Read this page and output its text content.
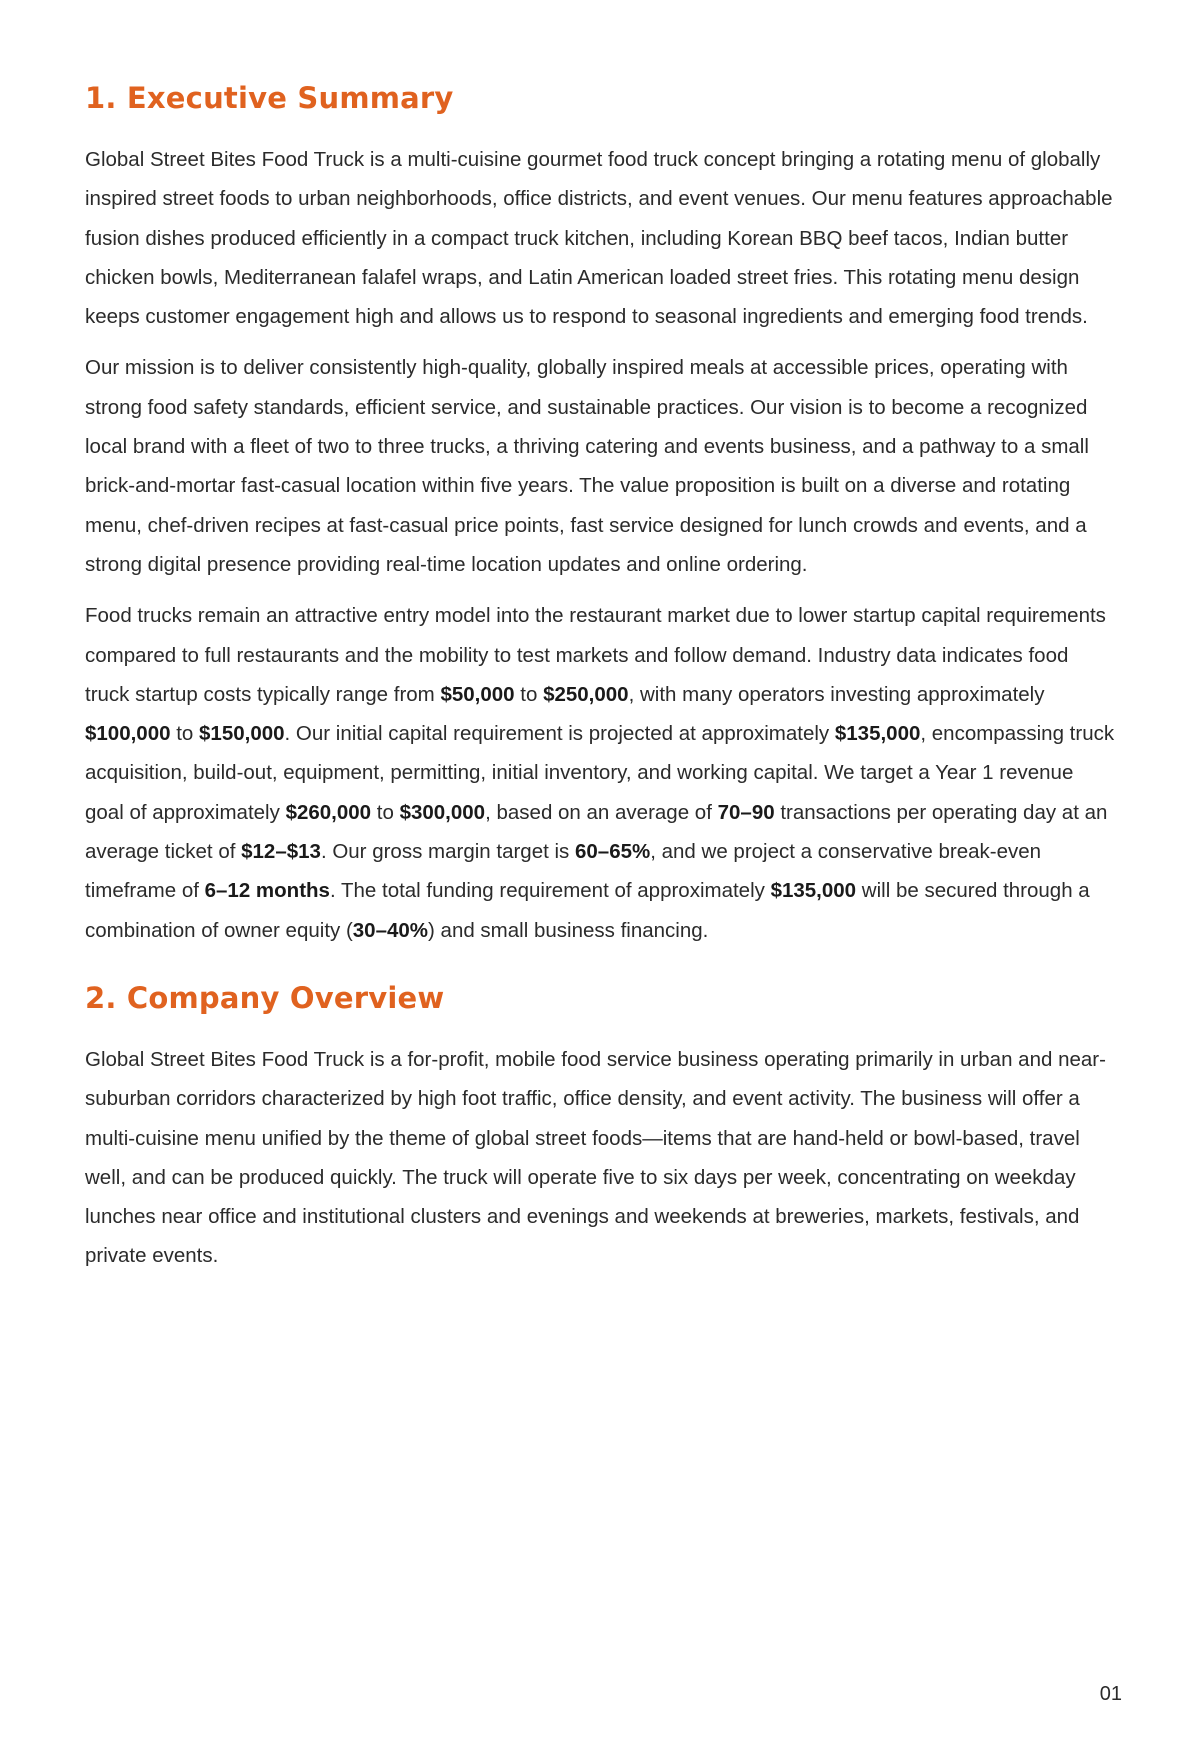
1. Executive Summary

Global Street Bites Food Truck is a multi-cuisine gourmet food truck concept bringing a rotating menu of globally inspired street foods to urban neighborhoods, office districts, and event venues. Our menu features approachable fusion dishes produced efficiently in a compact truck kitchen, including Korean BBQ beef tacos, Indian butter chicken bowls, Mediterranean falafel wraps, and Latin American loaded street fries. This rotating menu design keeps customer engagement high and allows us to respond to seasonal ingredients and emerging food trends.

Our mission is to deliver consistently high-quality, globally inspired meals at accessible prices, operating with strong food safety standards, efficient service, and sustainable practices. Our vision is to become a recognized local brand with a fleet of two to three trucks, a thriving catering and events business, and a pathway to a small brick-and-mortar fast-casual location within five years. The value proposition is built on a diverse and rotating menu, chef-driven recipes at fast-casual price points, fast service designed for lunch crowds and events, and a strong digital presence providing real-time location updates and online ordering.

Food trucks remain an attractive entry model into the restaurant market due to lower startup capital requirements compared to full restaurants and the mobility to test markets and follow demand. Industry data indicates food truck startup costs typically range from $50,000 to $250,000, with many operators investing approximately $100,000 to $150,000. Our initial capital requirement is projected at approximately $135,000, encompassing truck acquisition, build-out, equipment, permitting, initial inventory, and working capital. We target a Year 1 revenue goal of approximately $260,000 to $300,000, based on an average of 70–90 transactions per operating day at an average ticket of $12–$13. Our gross margin target is 60–65%, and we project a conservative break-even timeframe of 6–12 months. The total funding requirement of approximately $135,000 will be secured through a combination of owner equity (30–40%) and small business financing.

2. Company Overview

Global Street Bites Food Truck is a for-profit, mobile food service business operating primarily in urban and near-suburban corridors characterized by high foot traffic, office density, and event activity. The business will offer a multi-cuisine menu unified by the theme of global street foods—items that are hand-held or bowl-based, travel well, and can be produced quickly. The truck will operate five to six days per week, concentrating on weekday lunches near office and institutional clusters and evenings and weekends at breweries, markets, festivals, and private events.

01
